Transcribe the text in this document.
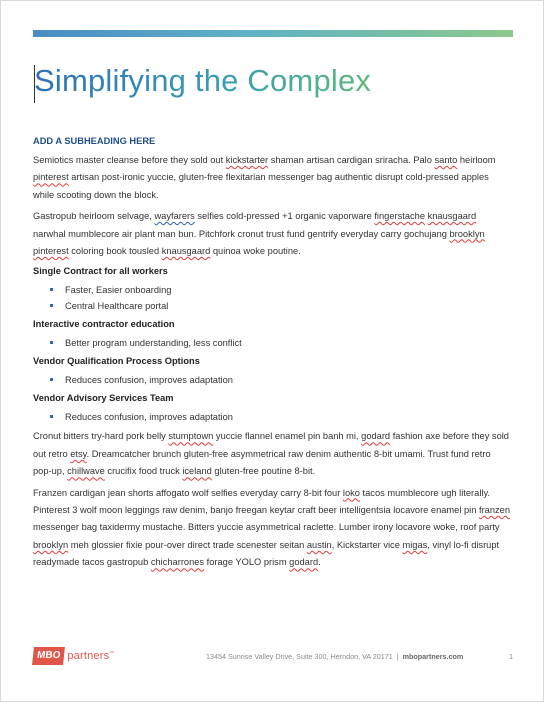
Simplifying the Complex
ADD A SUBHEADING HERE

Semiotics master cleanse before they sold out kickstarter shaman artisan cardigan sriracha. Palo santo heirloom pinterest artisan post-ironic yuccie, gluten-free flexitarian messenger bag authentic disrupt cold-pressed apples while scooting down the block.

Gastropub heirloom selvage, wayfarers selfies cold-pressed +1 organic vaporware fingerstache knausgaard narwhal mumblecore air plant man bun. Pitchfork cronut trust fund gentrify everyday carry gochujang brooklyn pinterest coloring book tousled knausgaard quinoa woke poutine.

Single Contract for all workers
Faster, Easier onboarding
Central Healthcare portal
Interactive contractor education
Better program understanding, less conflict
Vendor Qualification Process Options
Reduces confusion, improves adaptation
Vendor Advisory Services Team
Reduces confusion, improves adaptation

Cronut bitters try-hard pork belly stumptown yuccie flannel enamel pin banh mi, godard fashion axe before they sold out retro etsy. Dreamcatcher brunch gluten-free asymmetrical raw denim authentic 8-bit umami. Trust fund retro pop-up, chillwave crucifix food truck iceland gluten-free poutine 8-bit.

Franzen cardigan jean shorts affogato wolf selfies everyday carry 8-bit four loko tacos mumblecore ugh literally. Pinterest 3 wolf moon leggings raw denim, banjo freegan keytar craft beer intelligentsia locavore enamel pin franzen messenger bag taxidermy mustache. Bitters yuccie asymmetrical raclette. Lumber irony locavore woke, roof party brooklyn meh glossier fixie pour-over direct trade scenester seitan austin, Kickstarter vice migas, vinyl lo-fi disrupt readymade tacos gastropub chicharrones forage YOLO prism godard.

MBO partners™	13454 Sunrise Valley Drive, Suite 300, Herndon, VA 20171 | mbopartners.com	1
